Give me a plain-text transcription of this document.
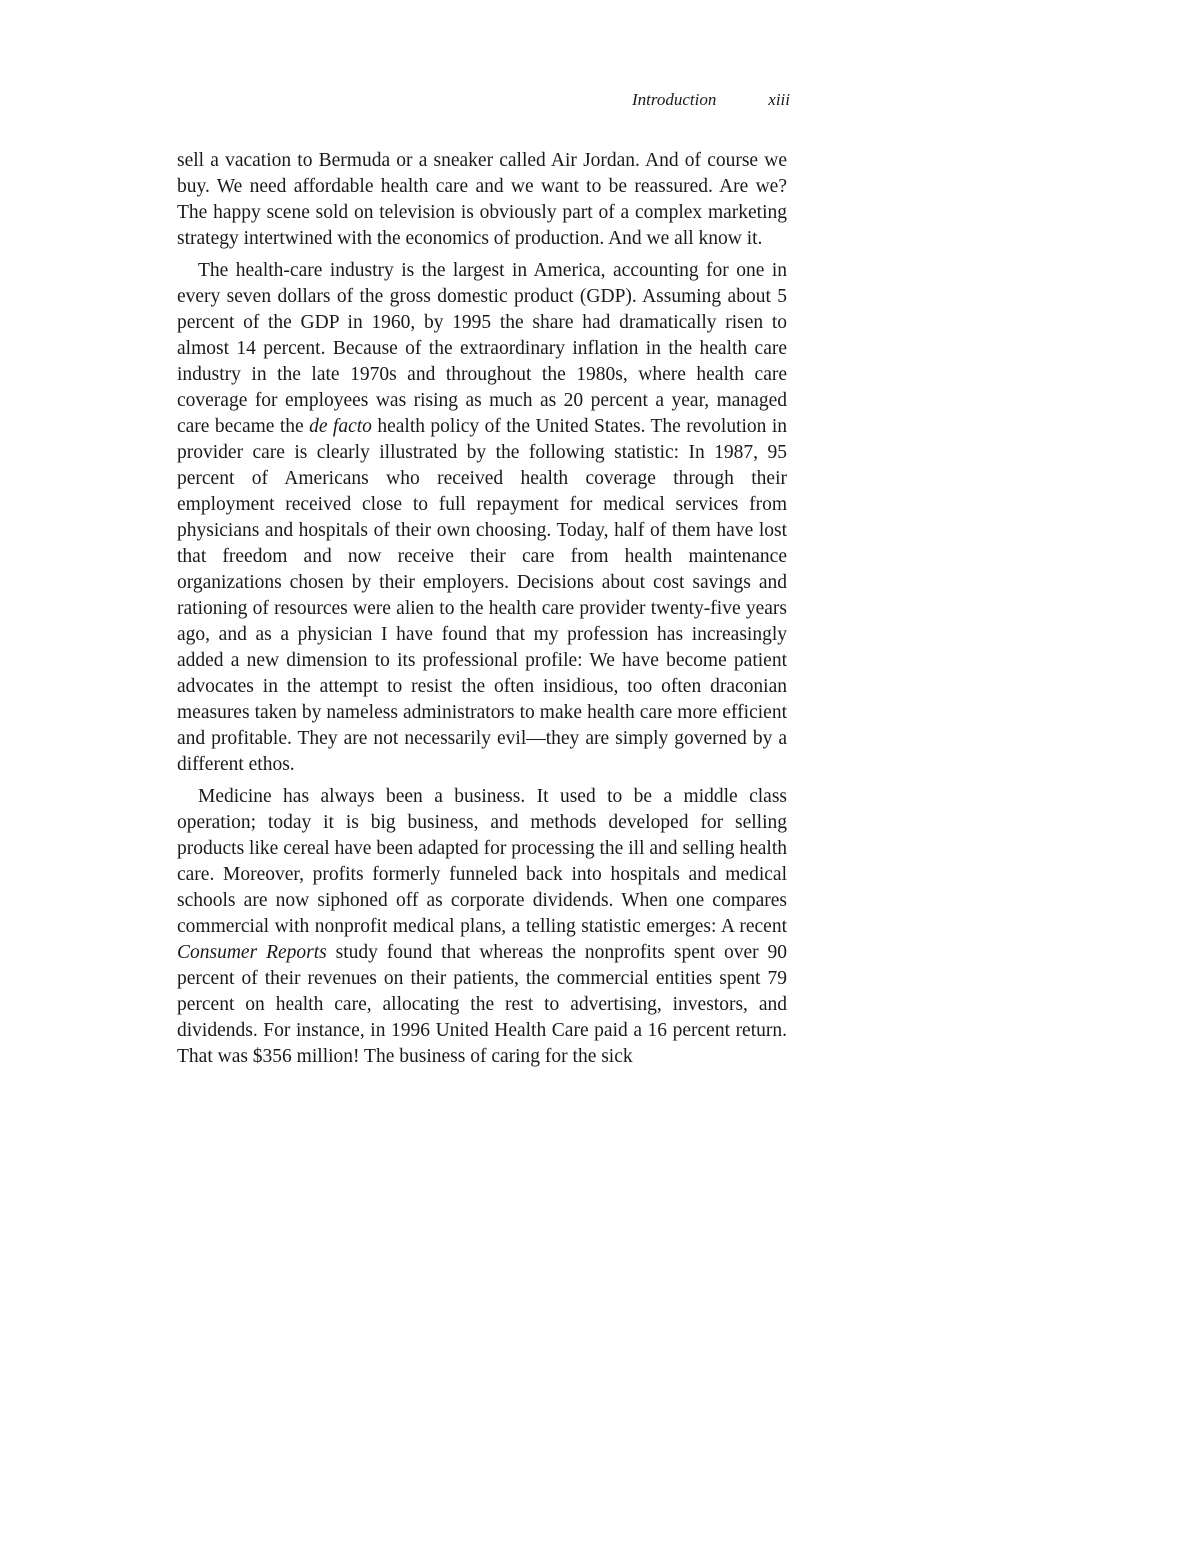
Introduction	xiii

sell a vacation to Bermuda or a sneaker called Air Jordan. And of course we buy. We need affordable health care and we want to be reassured. Are we? The happy scene sold on television is obviously part of a complex marketing strategy intertwined with the economics of production. And we all know it.

The health-care industry is the largest in America, accounting for one in every seven dollars of the gross domestic product (GDP). Assuming about 5 percent of the GDP in 1960, by 1995 the share had dramatically risen to almost 14 percent. Because of the extraordinary inflation in the health care industry in the late 1970s and throughout the 1980s, where health care coverage for employees was rising as much as 20 percent a year, managed care became the de facto health policy of the United States. The revolution in provider care is clearly illustrated by the following statistic: In 1987, 95 percent of Americans who received health coverage through their employment received close to full repayment for medical services from physicians and hospitals of their own choosing. Today, half of them have lost that freedom and now receive their care from health maintenance organizations chosen by their employers. Decisions about cost savings and rationing of resources were alien to the health care provider twenty-five years ago, and as a physician I have found that my profession has increasingly added a new dimension to its professional profile: We have become patient advocates in the attempt to resist the often insidious, too often draconian measures taken by nameless administrators to make health care more efficient and profitable. They are not necessarily evil—they are simply governed by a different ethos.

Medicine has always been a business. It used to be a middle class operation; today it is big business, and methods developed for selling products like cereal have been adapted for processing the ill and selling health care. Moreover, profits formerly funneled back into hospitals and medical schools are now siphoned off as corporate dividends. When one compares commercial with nonprofit medical plans, a telling statistic emerges: A recent Consumer Reports study found that whereas the nonprofits spent over 90 percent of their revenues on their patients, the commercial entities spent 79 percent on health care, allocating the rest to advertising, investors, and dividends. For instance, in 1996 United Health Care paid a 16 percent return. That was $356 million! The business of caring for the sick
